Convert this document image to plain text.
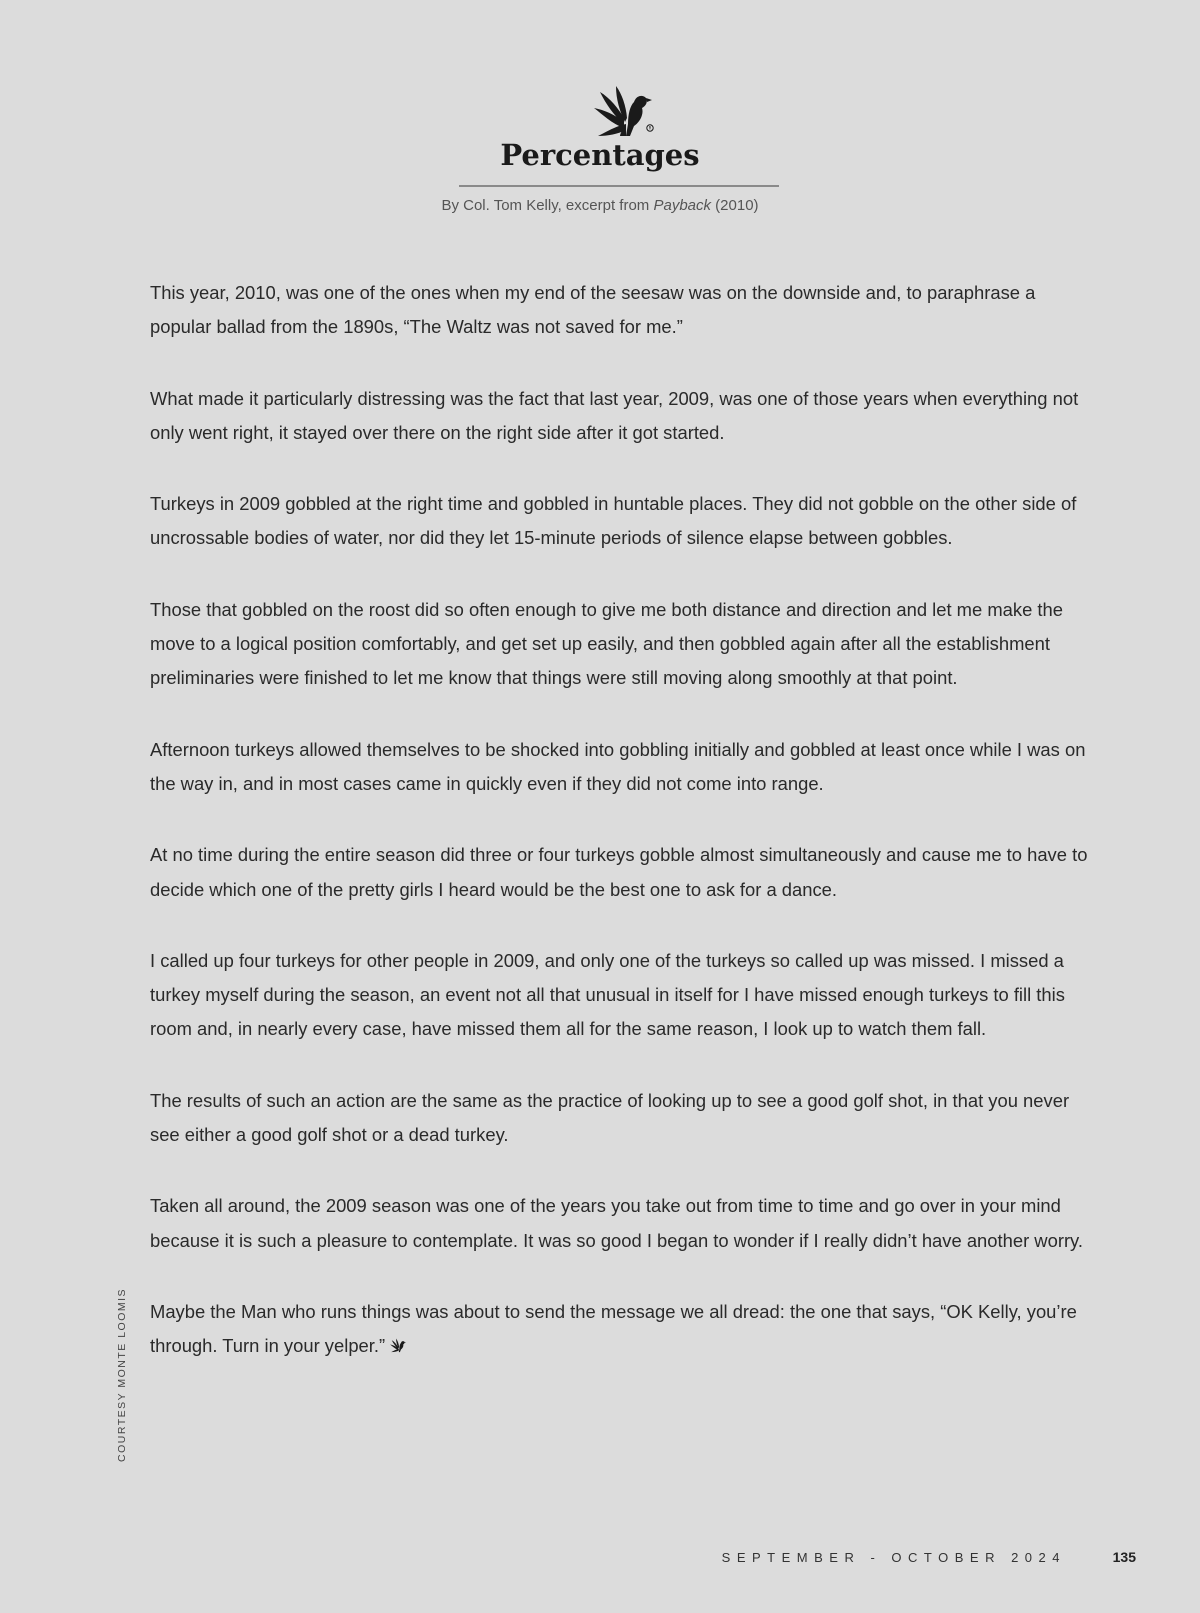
R
Percentages
By Col. Tom Kelly, excerpt from Payback (2010)

This year, 2010, was one of the ones when my end of the seesaw was on the downside and, to paraphrase a popular ballad from the 1890s, “The Waltz was not saved for me.”

What made it particularly distressing was the fact that last year, 2009, was one of those years when everything not only went right, it stayed over there on the right side after it got started.

Turkeys in 2009 gobbled at the right time and gobbled in huntable places. They did not gobble on the other side of uncrossable bodies of water, nor did they let 15-minute periods of silence elapse between gobbles.

Those that gobbled on the roost did so often enough to give me both distance and direction and let me make the move to a logical position comfortably, and get set up easily, and then gobbled again after all the establishment preliminaries were finished to let me know that things were still moving along smoothly at that point.

Afternoon turkeys allowed themselves to be shocked into gobbling initially and gobbled at least once while I was on the way in, and in most cases came in quickly even if they did not come into range.

At no time during the entire season did three or four turkeys gobble almost simultaneously and cause me to have to decide which one of the pretty girls I heard would be the best one to ask for a dance.

I called up four turkeys for other people in 2009, and only one of the turkeys so called up was missed. I missed a turkey myself during the season, an event not all that unusual in itself for I have missed enough turkeys to fill this room and, in nearly every case, have missed them all for the same reason, I look up to watch them fall.

The results of such an action are the same as the practice of looking up to see a good golf shot, in that you never see either a good golf shot or a dead turkey.

Taken all around, the 2009 season was one of the years you take out from time to time and go over in your mind because it is such a pleasure to contemplate. It was so good I began to wonder if I really didn’t have another worry.

Maybe the Man who runs things was about to send the message we all dread: the one that says, “OK Kelly, you’re through. Turn in your yelper.”

COURTESY MONTE LOOMIS
SEPTEMBER - OCTOBER 2024	135
